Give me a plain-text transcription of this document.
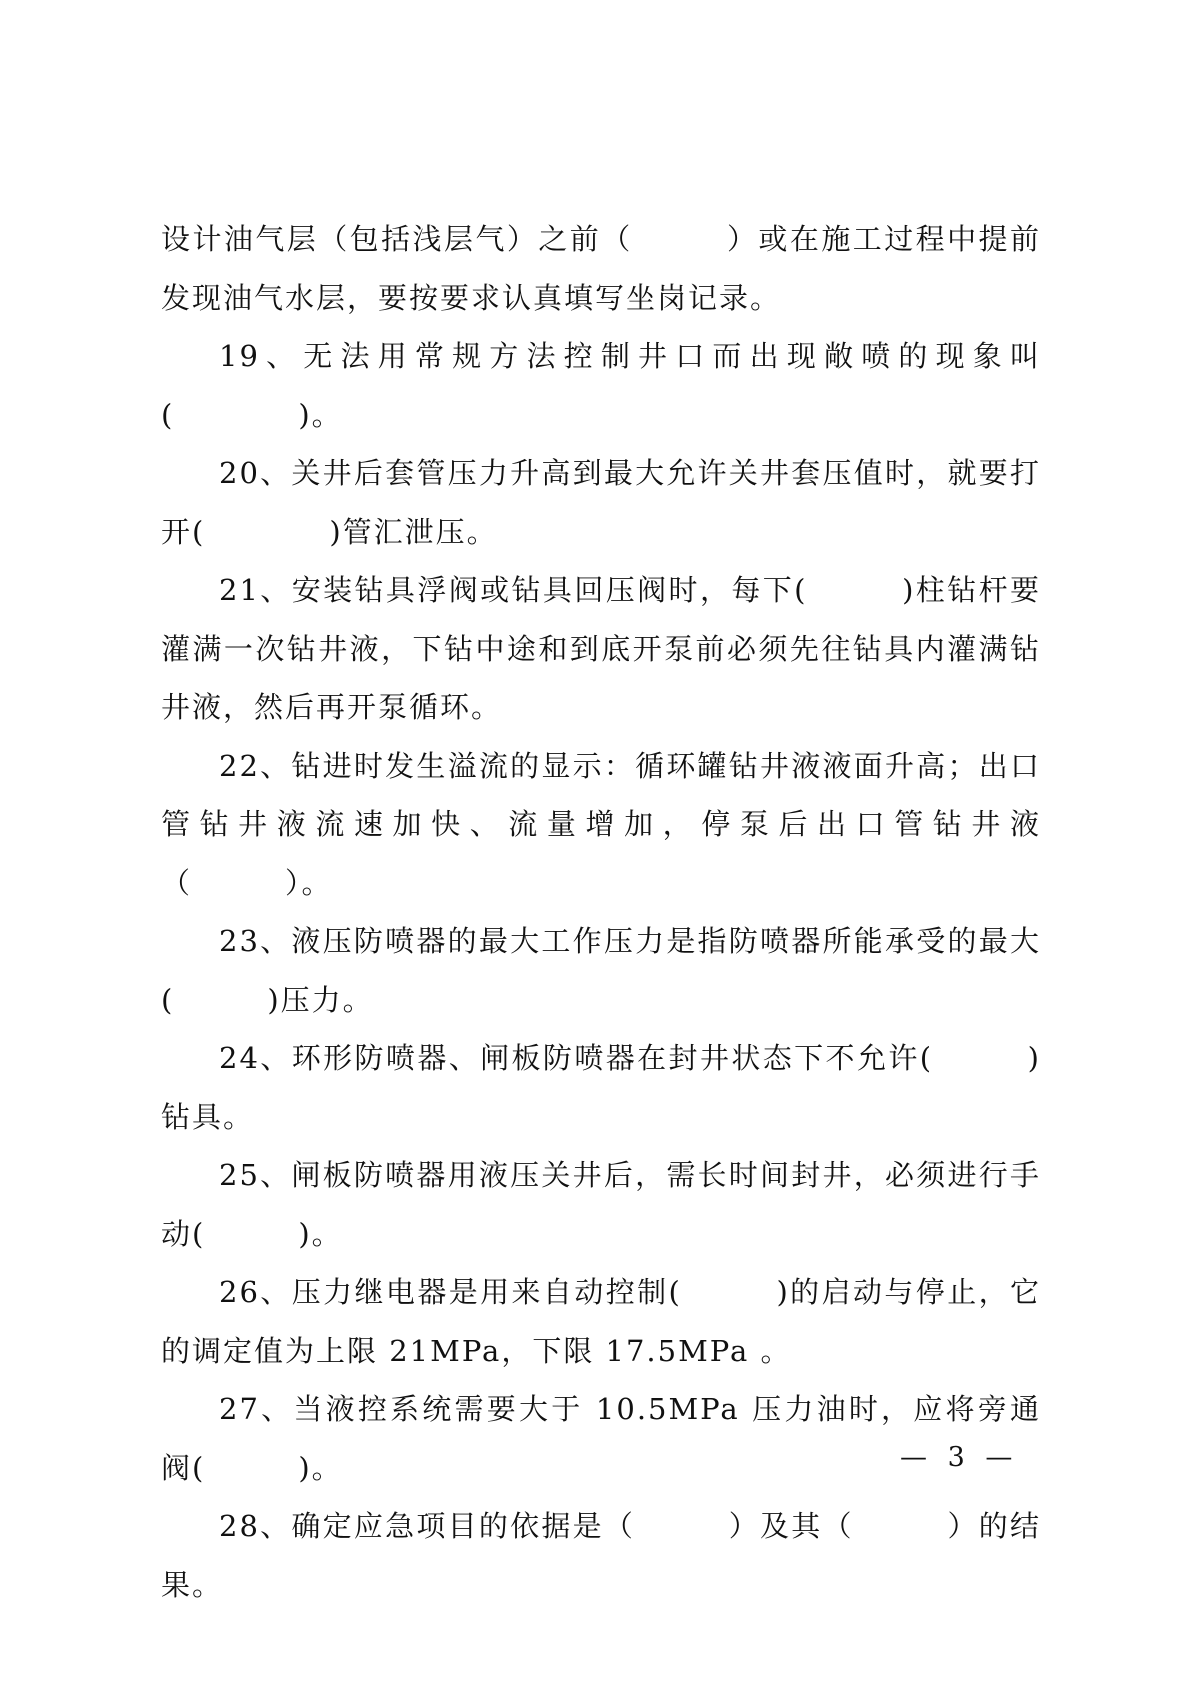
设计油气层（包括浅层气）之前（　　　）或在施工过程中提前发现油气水层，要按要求认真填写坐岗记录。

19、无法用常规方法控制井口而出现敞喷的现象叫(　　　　)。

20、关井后套管压力升高到最大允许关井套压值时，就要打开(　　　　)管汇泄压。

21、安装钻具浮阀或钻具回压阀时，每下(　　　)柱钻杆要灌满一次钻井液，下钻中途和到底开泵前必须先往钻具内灌满钻井液，然后再开泵循环。

22、钻进时发生溢流的显示：循环罐钻井液液面升高；出口管钻井液流速加快、流量增加，停泵后出口管钻井液（　　　）。

23、液压防喷器的最大工作压力是指防喷器所能承受的最大(　　　)压力。

24、环形防喷器、闸板防喷器在封井状态下不允许(　　　)钻具。

25、闸板防喷器用液压关井后，需长时间封井，必须进行手动(　　　)。

26、压力继电器是用来自动控制(　　　)的启动与停止，它的调定值为上限 21MPa，下限 17.5MPa 。

27、当液控系统需要大于 10.5MPa 压力油时，应将旁通阀(　　　)。

28、确定应急项目的依据是（　　　）及其（　　　）的结果。

— 3 —
